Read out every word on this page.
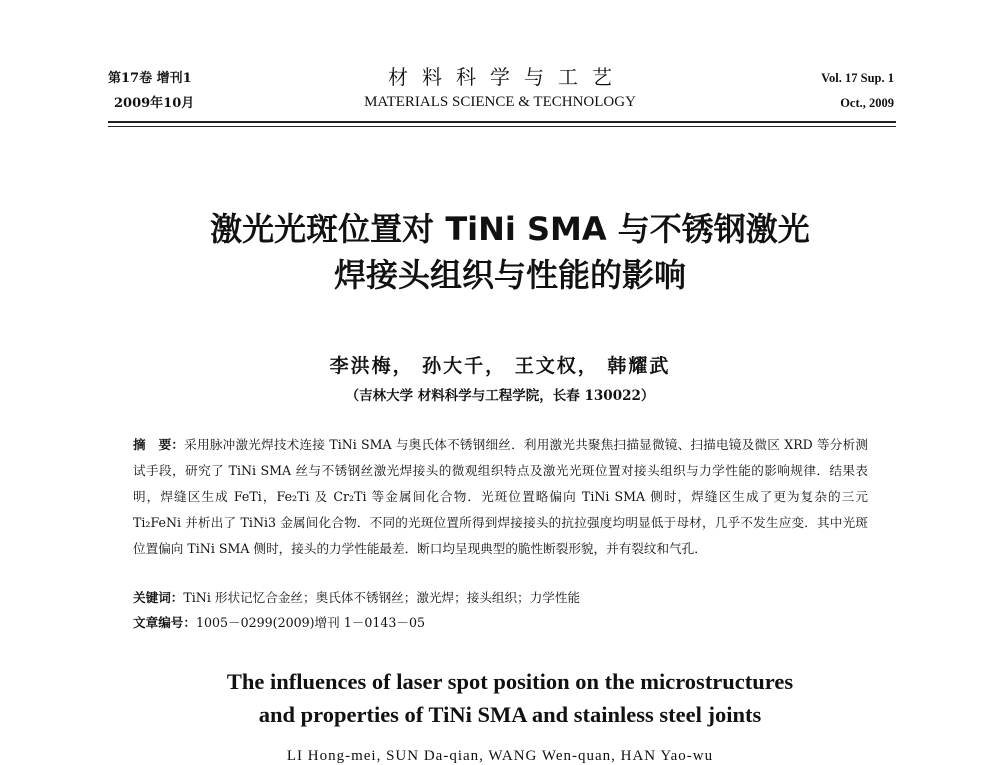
第17卷 增刊1
2009年10月
材料科学与工艺
MATERIALS SCIENCE & TECHNOLOGY
Vol. 17 Sup. 1
Oct., 2009
激光光斑位置对 TiNi SMA 与不锈钢激光
焊接头组织与性能的影响
李洪梅， 孙大千， 王文权， 韩耀武
（吉林大学 材料科学与工程学院，长春 130022）
摘　要：采用脉冲激光焊技术连接 TiNi SMA 与奥氏体不锈钢细丝．利用激光共聚焦扫描显微镜、扫描电镜及微区 XRD 等分析测试手段，研究了 TiNi SMA 丝与不锈钢丝激光焊接头的微观组织特点及激光光斑位置对接头组织与力学性能的影响规律．结果表明，焊缝区生成 FeTi，Fe₂Ti 及 Cr₂Ti 等金属间化合物．光斑位置略偏向 TiNi SMA 侧时，焊缝区生成了更为复杂的三元 Ti₂FeNi 并析出了 TiNi3 金属间化合物．不同的光斑位置所得到焊接接头的抗拉强度均明显低于母材，几乎不发生应变．其中光斑位置偏向 TiNi SMA 侧时，接头的力学性能最差．断口均呈现典型的脆性断裂形貌，并有裂纹和气孔．
关键词：TiNi 形状记忆合金丝；奥氏体不锈钢丝；激光焊；接头组织；力学性能
文章编号：1005－0299(2009)增刊 1－0143－05
The influences of laser spot position on the microstructures
and properties of TiNi SMA and stainless steel joints
LI Hong-mei, SUN Da-qian, WANG Wen-quan, HAN Yao-wu
